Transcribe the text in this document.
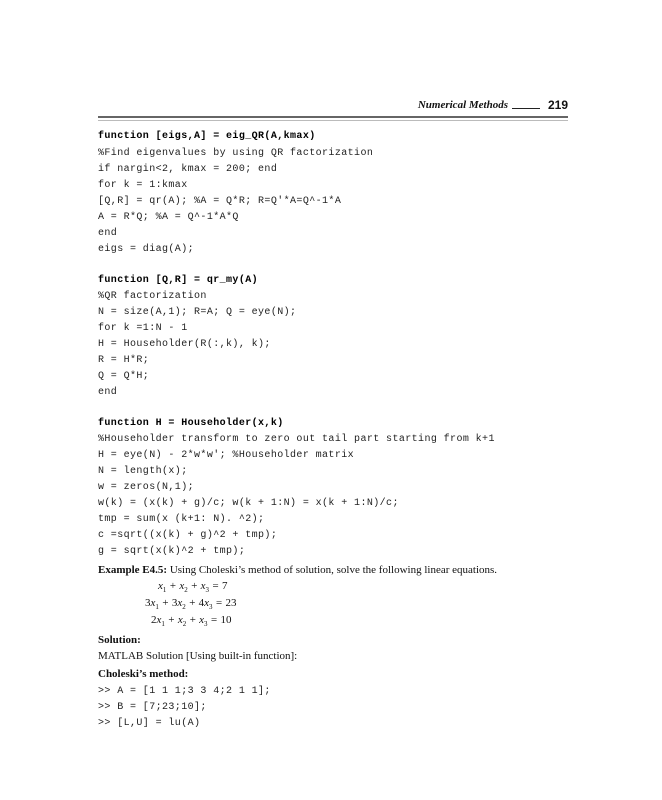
Numerical Methods	219
function [eigs,A] = eig_QR(A,kmax)
%Find eigenvalues by using QR factorization
if nargin<2, kmax = 200; end
for k = 1:kmax
[Q,R] = qr(A); %A = Q*R; R=Q'*A=Q^-1*A
A = R*Q; %A = Q^-1*A*Q
end
eigs = diag(A);
function [Q,R] = qr_my(A)
%QR factorization
N = size(A,1); R=A; Q = eye(N);
for k =1:N - 1
H = Householder(R(:,k), k);
R = H*R;
Q = Q*H;
end
function H = Householder(x,k)
%Householder transform to zero out tail part starting from k+1
H = eye(N) - 2*w*w'; %Householder matrix
N = length(x);
w = zeros(N,1);
w(k) = (x(k) + g)/c; w(k + 1:N) = x(k + 1:N)/c;
tmp = sum(x (k+1: N). ^2);
c =sqrt((x(k) + g)^2 + tmp);
g = sqrt(x(k)^2 + tmp);
Example E4.5: Using Choleski’s method of solution, solve the following linear equations.
$x_1 + x_2 + x_3 = 7$
$3x_1 + 3x_2 + 4x_3 = 23$
$2x_1 + x_2 + x_3 = 10$
Solution:
MATLAB Solution [Using built-in function]:
Choleski’s method:
>> A = [1 1 1;3 3 4;2 1 1];
>> B = [7;23;10];
>> [L,U] = lu(A)
